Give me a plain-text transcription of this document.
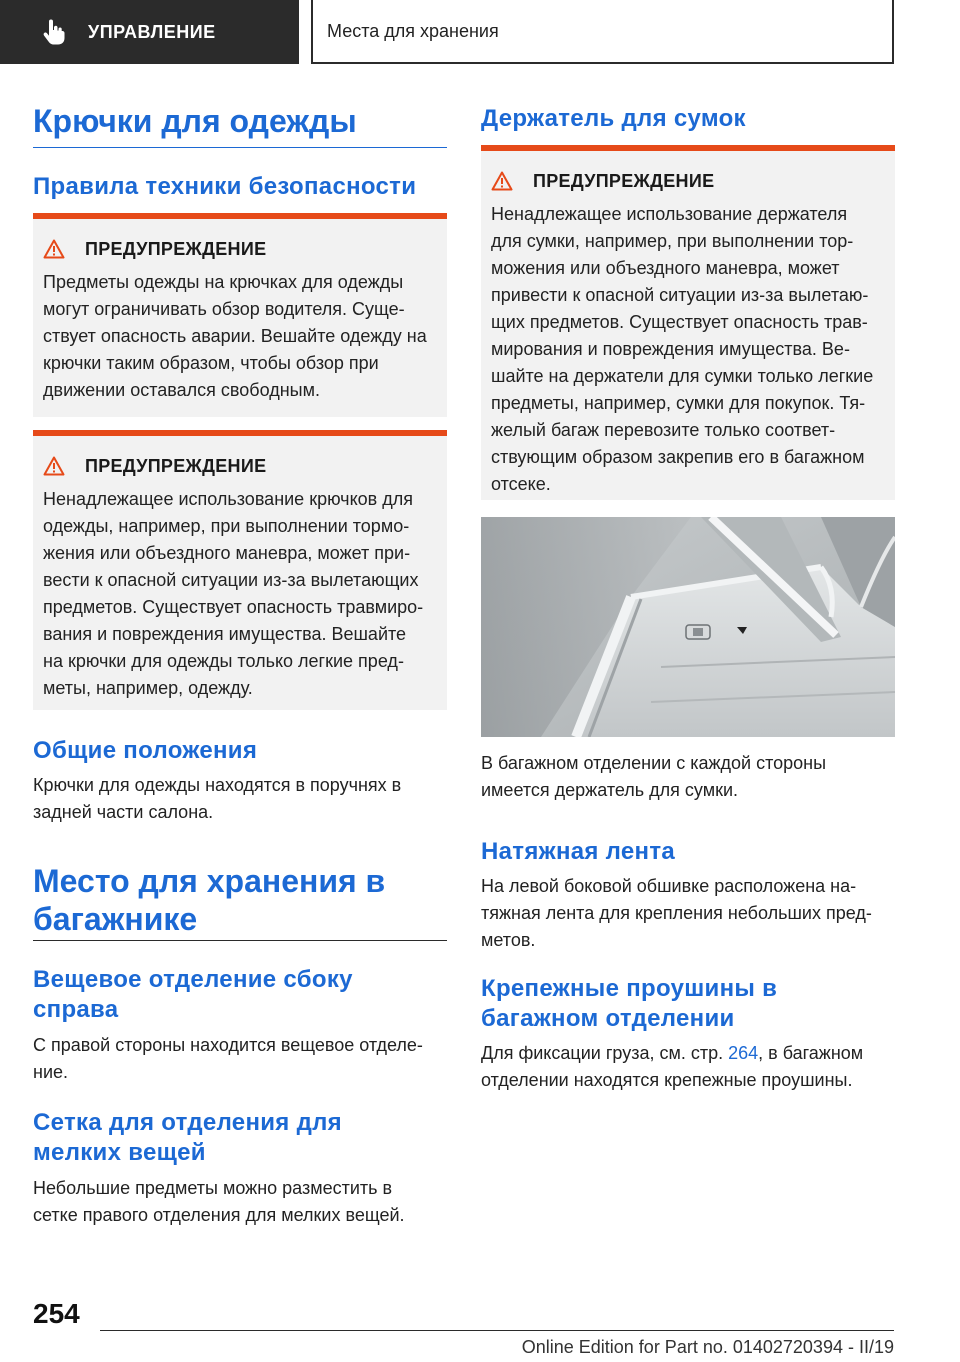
УПРАВЛЕНИЕ	Места для хранения
Крючки для одежды
Правила техники безопасности
ПРЕДУПРЕЖДЕНИЕ
Предметы одежды на крючках для одежды
могут ограничивать обзор водителя. Суще-
ствует опасность аварии. Вешайте одежду на
крючки таким образом, чтобы обзор при
движении оставался свободным.
ПРЕДУПРЕЖДЕНИЕ
Ненадлежащее использование крючков для
одежды, например, при выполнении тормо-
жения или объездного маневра, может при-
вести к опасной ситуации из-за вылетающих
предметов. Существует опасность травмиро-
вания и повреждения имущества. Вешайте
на крючки для одежды только легкие пред-
меты, например, одежду.
Общие положения
Крючки для одежды находятся в поручнях в
задней части салона.
Место для хранения в
багажнике
Вещевое отделение сбоку
справа
С правой стороны находится вещевое отделе-
ние.
Сетка для отделения для
мелких вещей
Небольшие предметы можно разместить в
сетке правого отделения для мелких вещей.
Держатель для сумок
ПРЕДУПРЕЖДЕНИЕ
Ненадлежащее использование держателя
для сумки, например, при выполнении тор-
можения или объездного маневра, может
привести к опасной ситуации из-за вылетаю-
щих предметов. Существует опасность трав-
мирования и повреждения имущества. Ве-
шайте на держатели для сумки только легкие
предметы, например, сумки для покупок. Тя-
желый багаж перевозите только соответ-
ствующим образом закрепив его в багажном
отсеке.
В багажном отделении с каждой стороны
имеется держатель для сумки.
Натяжная лента
На левой боковой обшивке расположена на-
тяжная лента для крепления небольших пред-
метов.
Крепежные проушины в
багажном отделении
Для фиксации груза, см. стр. 264, в багажном
отделении находятся крепежные проушины.
254
Online Edition for Part no. 01402720394 - II/19
